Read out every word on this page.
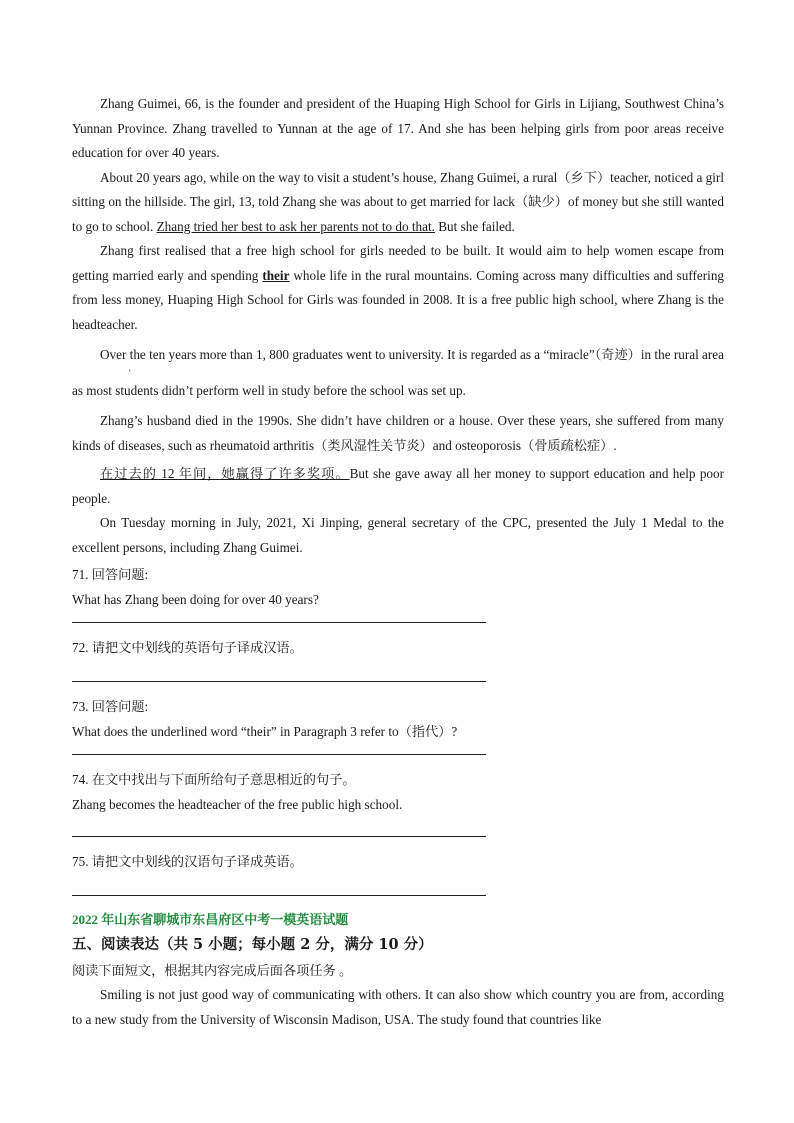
Zhang Guimei, 66, is the founder and president of the Huaping High School for Girls in Lijiang, Southwest China’s Yunnan Province. Zhang travelled to Yunnan at the age of 17. And she has been helping girls from poor areas receive education for over 40 years.

About 20 years ago, while on the way to visit a student’s house, Zhang Guimei, a rural（乡下）teacher, noticed a girl sitting on the hillside. The girl, 13, told Zhang she was about to get married for lack（缺少）of money but she still wanted to go to school. Zhang tried her best to ask her parents not to do that. But she failed.

Zhang first realised that a free high school for girls needed to be built. It would aim to help women escape from getting married early and spending their whole life in the rural mountains. Coming across many difficulties and suffering from less money, Huaping High School for Girls was founded in 2008. It is a free public high school, where Zhang is the headteacher.

Over the ten years ' more than 1, 800 graduates went to university. It is regarded as a “miracle”（奇迹）in the rural area as most students didn’t perform well in study before the school was set up.

Zhang’s husband died in the 1990s. She didn’t have children or a house. Over these years, she suffered from many kinds of diseases, such as rheumatoid arthritis（类风湿性关节炎）and osteoporosis（骨质疏松症）.

在过去的 12 年间，她赢得了许多奖项。But she gave away all her money to support education and help poor people.

On Tuesday morning in July, 2021, Xi Jinping, general secretary of the CPC, presented the July 1 Medal to the excellent persons, including Zhang Guimei.

71. 回答问题:

What has Zhang been doing for over 40 years?

72. 请把文中划线的英语句子译成汉语。

73. 回答问题:

What does the underlined word “their” in Paragraph 3 refer to（指代）?

74. 在文中找出与下面所给句子意思相近的句子。

Zhang becomes the headteacher of the free public high school.

75. 请把文中划线的汉语句子译成英语。

2022 年山东省聊城市东昌府区中考一模英语试题

五、阅读表达（共 5 小题；每小题 2 分，满分 10 分）

阅读下面短文，根据其内容完成后面各项任务 。

Smiling is not just good way of communicating with others. It can also show which country you are from, according to a new study from the University of Wisconsin Madison, USA. The study found that countries like
